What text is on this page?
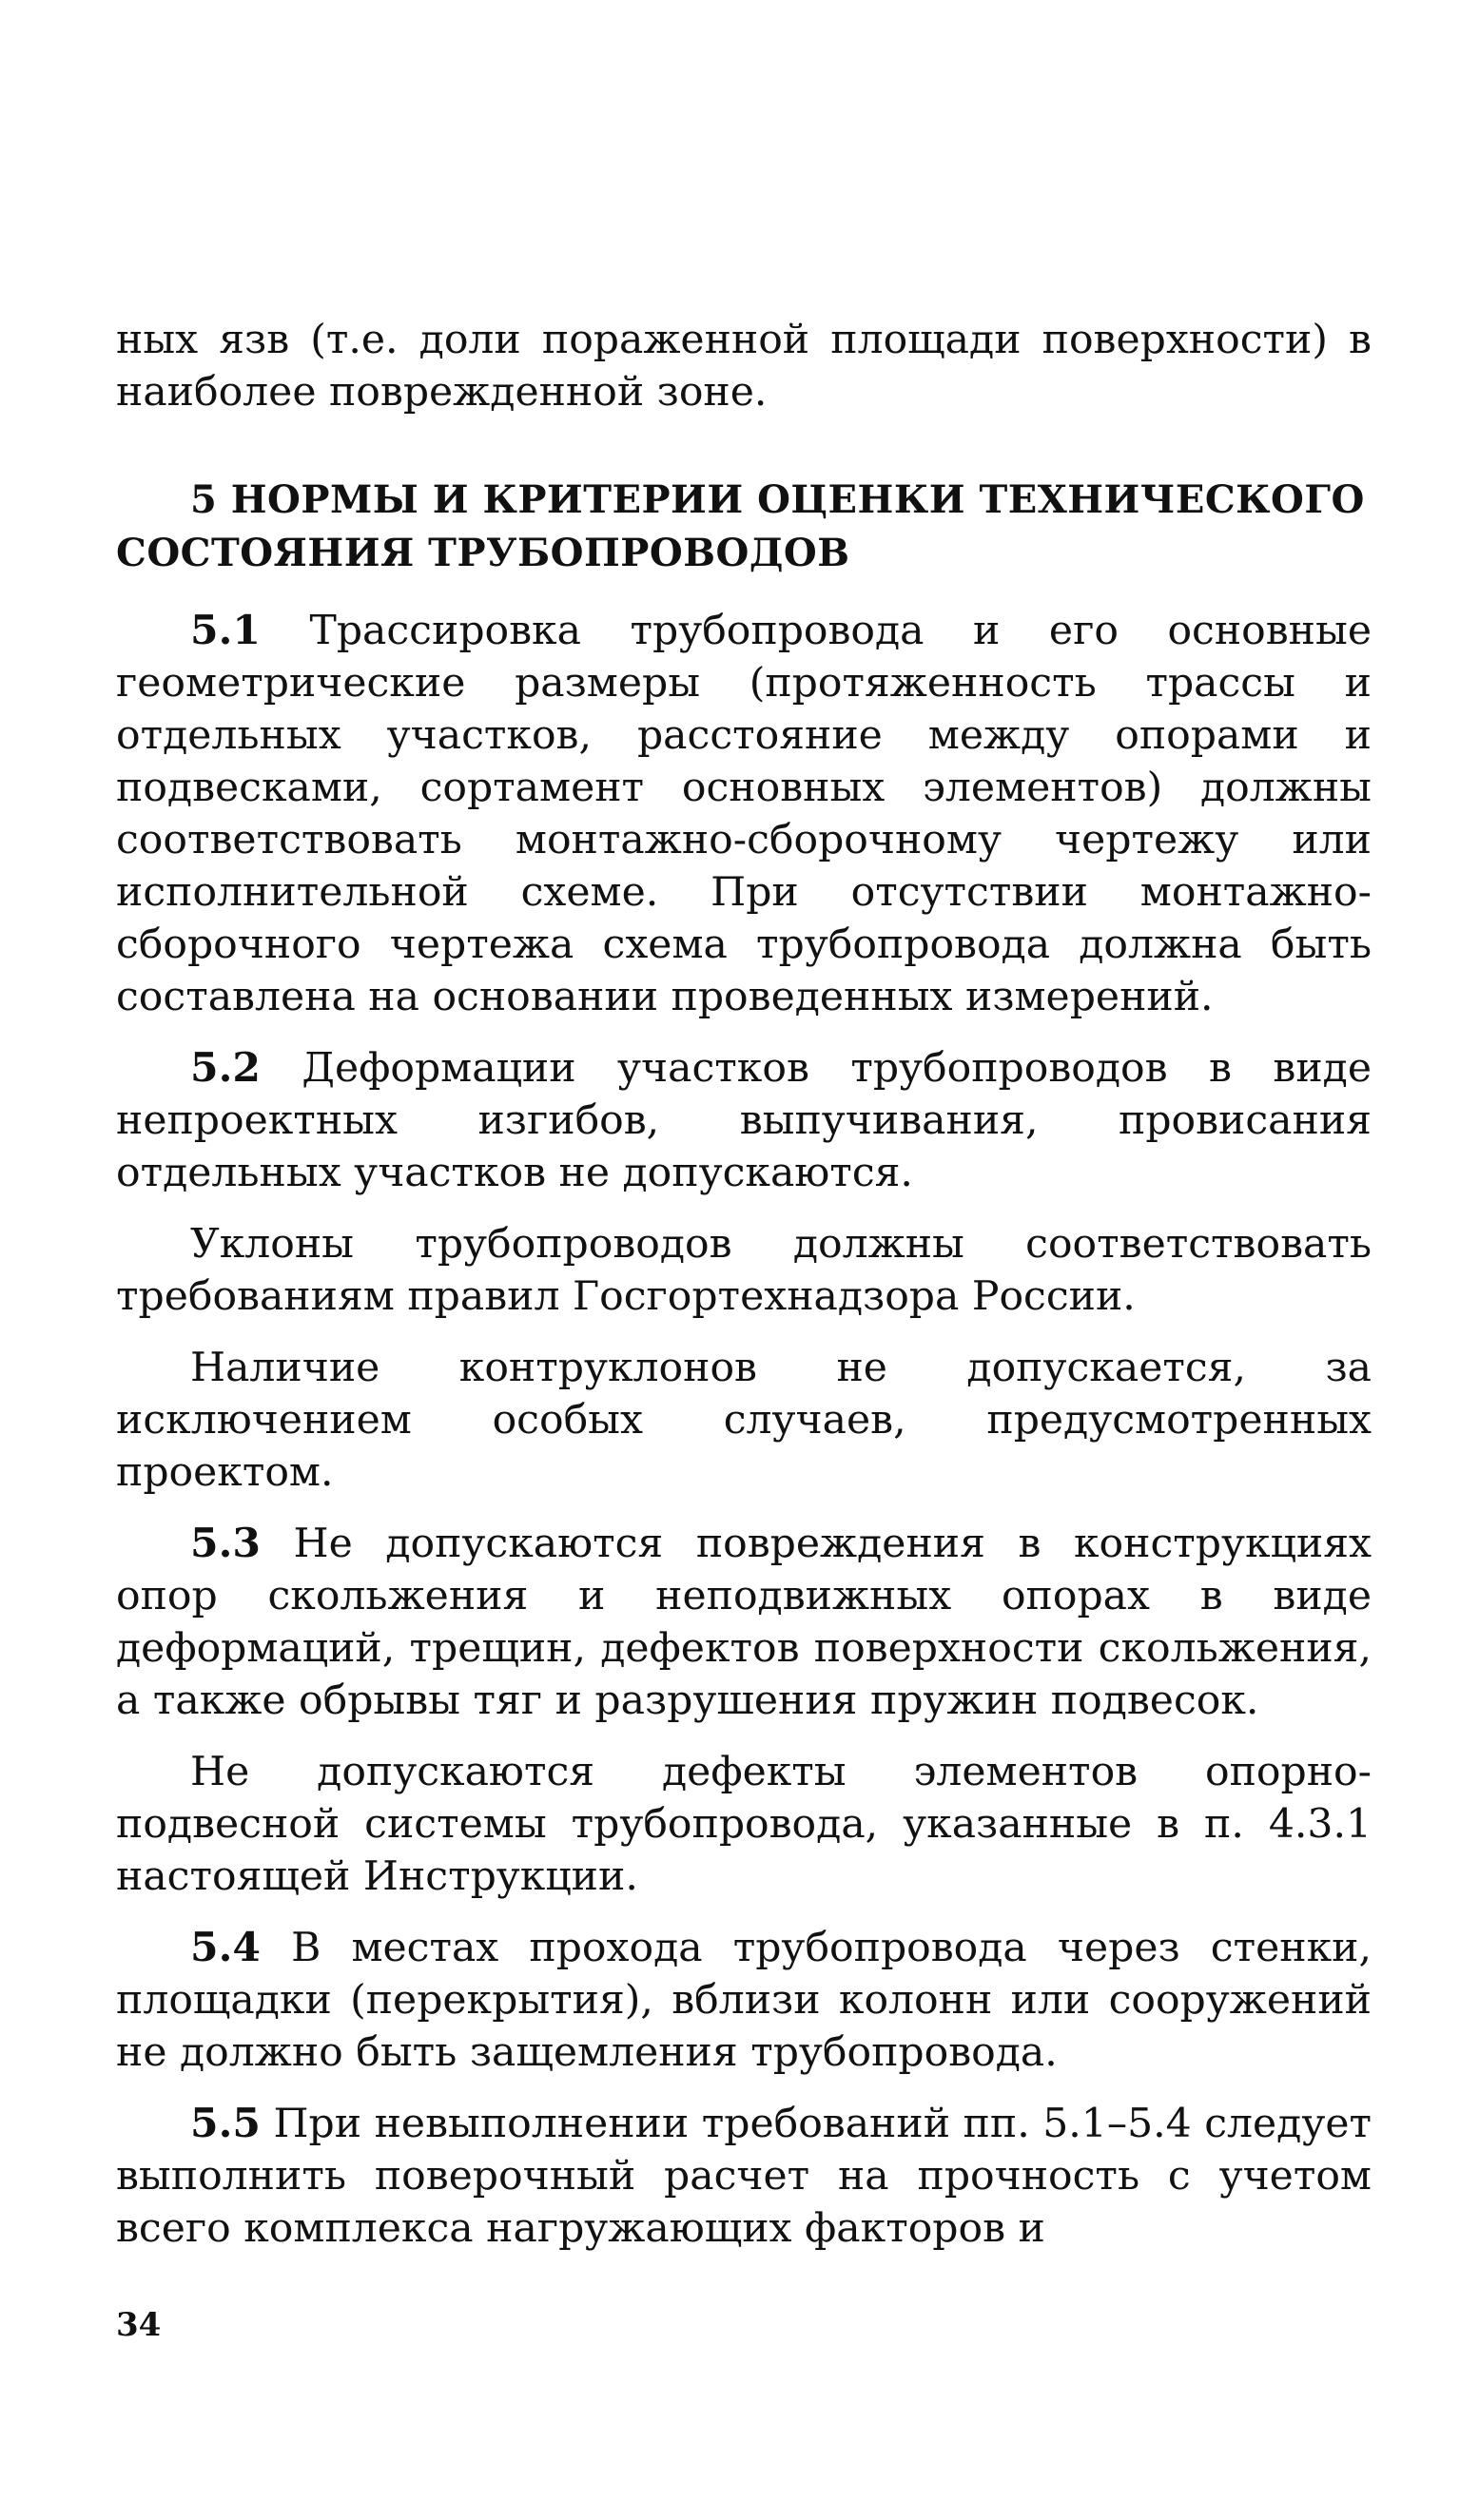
ных язв (т.е. доли пораженной площади поверхности) в наиболее поврежденной зоне.

5 НОРМЫ И КРИТЕРИИ ОЦЕНКИ ТЕХНИЧЕСКОГО
СОСТОЯНИЯ ТРУБОПРОВОДОВ

5.1 Трассировка трубопровода и его основные геометрические размеры (протяженность трассы и отдельных участков, расстояние между опорами и подвесками, сортамент основных элементов) должны соответствовать монтажно-сборочному чертежу или исполнительной схеме. При отсутствии монтажно-сборочного чертежа схема трубопровода должна быть составлена на основании проведенных измерений.

5.2 Деформации участков трубопроводов в виде непроектных изгибов, выпучивания, провисания отдельных участков не допускаются.

Уклоны трубопроводов должны соответствовать требованиям правил Госгортехнадзора России.

Наличие контруклонов не допускается, за исключением особых случаев, предусмотренных проектом.

5.3 Не допускаются повреждения в конструкциях опор скольжения и неподвижных опорах в виде деформаций, трещин, дефектов поверхности скольжения, а также обрывы тяг и разрушения пружин подвесок.

Не допускаются дефекты элементов опорно-подвесной системы трубопровода, указанные в п. 4.3.1 настоящей Инструкции.

5.4 В местах прохода трубопровода через стенки, площадки (перекрытия), вблизи колонн или сооружений не должно быть защемления трубопровода.

5.5 При невыполнении требований пп. 5.1–5.4 следует выполнить поверочный расчет на прочность с учетом всего комплекса нагружающих факторов и

34
